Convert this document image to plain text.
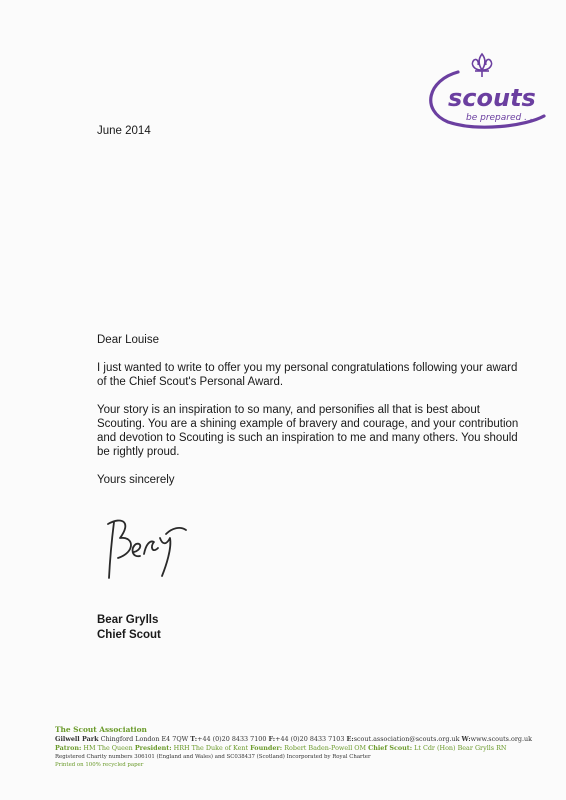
scouts
be prepared . . .
June 2014

Dear Louise

I just wanted to write to offer you my personal congratulations following your award of the Chief Scout's Personal Award.

Your story is an inspiration to so many, and personifies all that is best about Scouting. You are a shining example of bravery and courage, and your contribution and devotion to Scouting is such an inspiration to me and many others. You should be rightly proud.

Yours sincerely

Bear Grylls
Chief Scout
The Scout Association
Gilwell Park Chingford London E4 7QW T:+44 (0)20 8433 7100 F:+44 (0)20 8433 7103 E:scout.association@scouts.org.uk W:www.scouts.org.uk
Patron: HM The Queen President: HRH The Duke of Kent Founder: Robert Baden-Powell OM Chief Scout: Lt Cdr (Hon) Bear Grylls RN
Registered Charity numbers 306101 (England and Wales) and SC038437 (Scotland) Incorporated by Royal Charter
Printed on 100% recycled paper
